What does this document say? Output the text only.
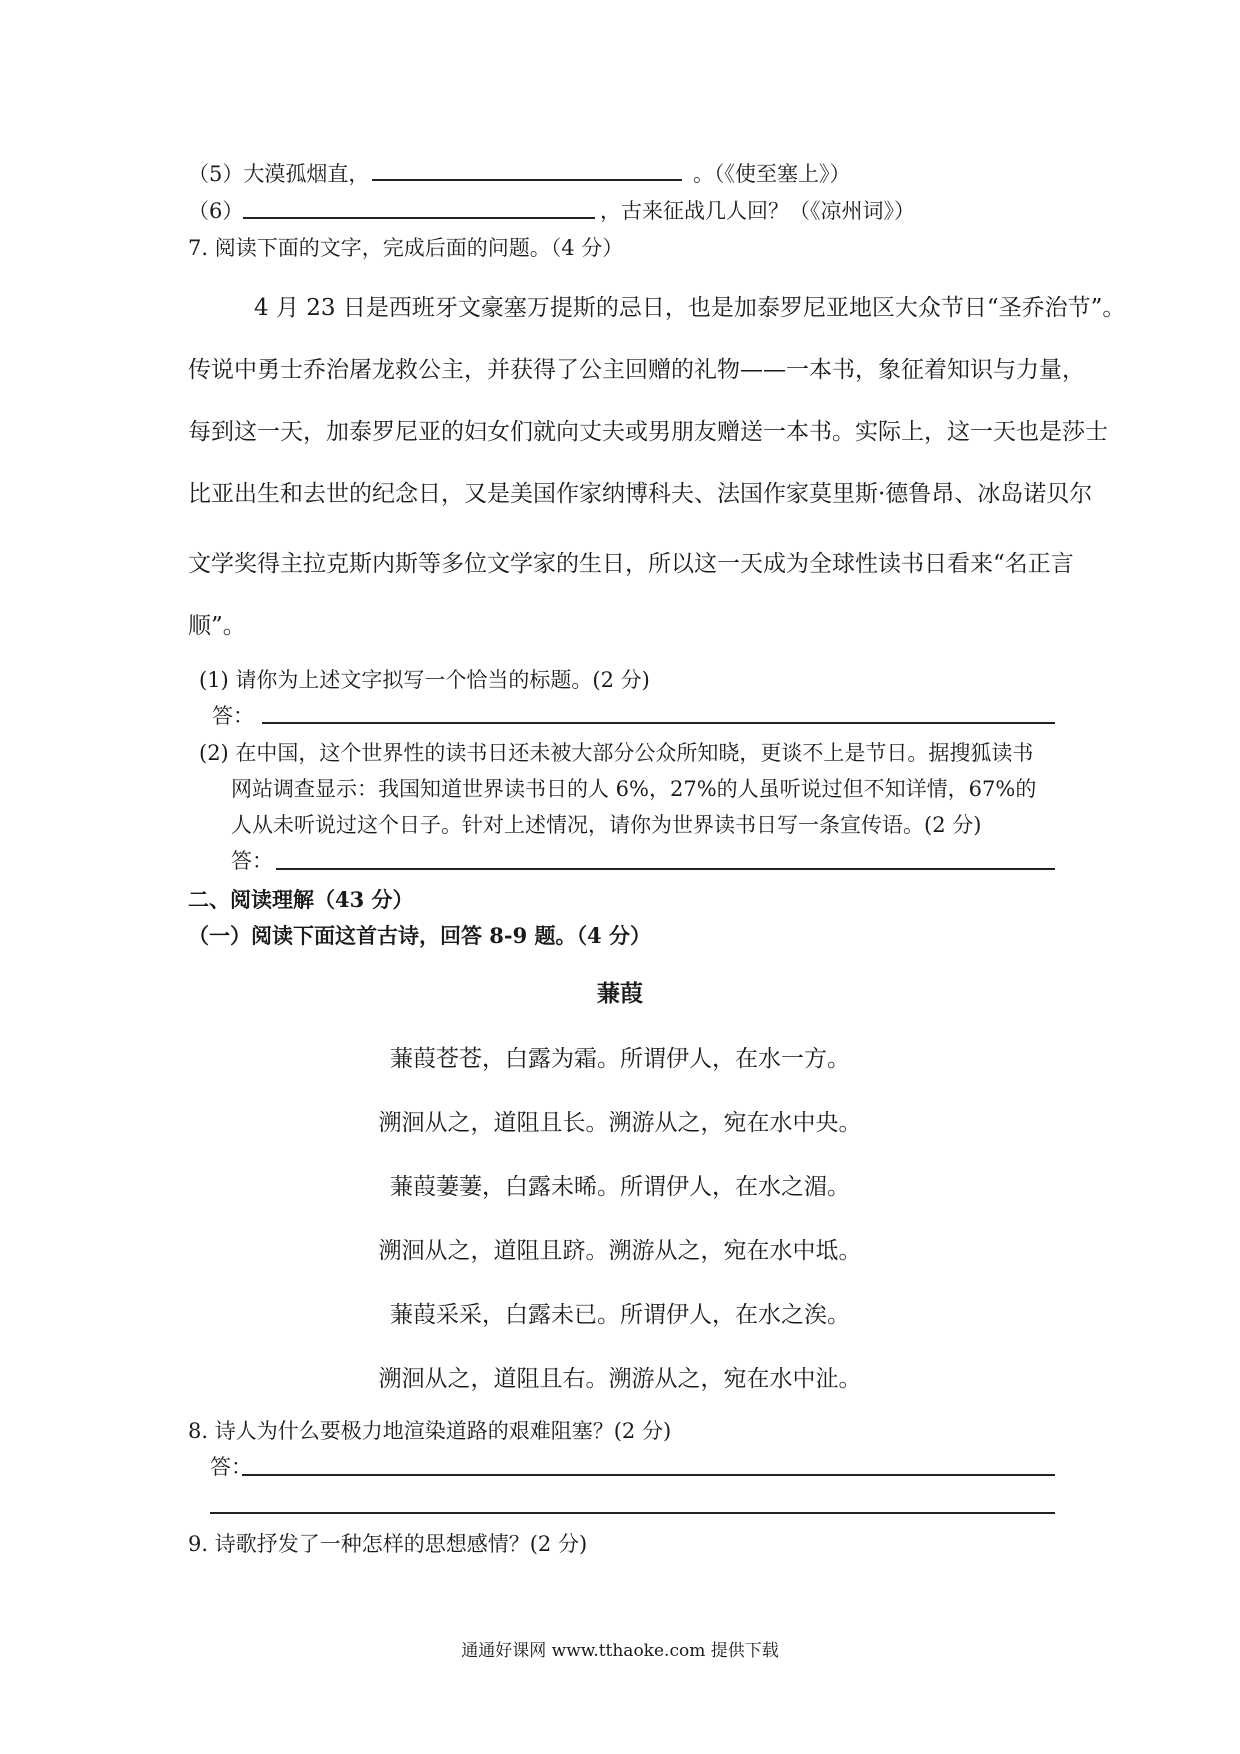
（5）大漠孤烟直，	。（《使至塞上》）
（6）	，古来征战几人回？（《凉州词》）
7. 阅读下面的文字，完成后面的问题。（4 分）
4 月 23 日是西班牙文豪塞万提斯的忌日，也是加泰罗尼亚地区大众节日“圣乔治节”。
传说中勇士乔治屠龙救公主，并获得了公主回赠的礼物——一本书，象征着知识与力量，
每到这一天，加泰罗尼亚的妇女们就向丈夫或男朋友赠送一本书。实际上，这一天也是莎士
比亚出生和去世的纪念日，又是美国作家纳博科夫、法国作家莫里斯·德鲁昂、冰岛诺贝尔
文学奖得主拉克斯内斯等多位文学家的生日，所以这一天成为全球性读书日看来“名正言
顺”。
(1) 请你为上述文字拟写一个恰当的标题。(2 分)
答：
(2) 在中国，这个世界性的读书日还未被大部分公众所知晓，更谈不上是节日。据搜狐读书
网站调查显示：我国知道世界读书日的人 6%，27%的人虽听说过但不知详情，67%的
人从未听说过这个日子。针对上述情况，请你为世界读书日写一条宣传语。(2 分)
答：
二、阅读理解（43 分）
（一）阅读下面这首古诗，回答 8-9 题。（4 分）
蒹葭
蒹葭苍苍，白露为霜。所谓伊人，在水一方。
溯洄从之，道阻且长。溯游从之，宛在水中央。
蒹葭萋萋，白露未晞。所谓伊人，在水之湄。
溯洄从之，道阻且跻。溯游从之，宛在水中坻。
蒹葭采采，白露未已。所谓伊人，在水之涘。
溯洄从之，道阻且右。溯游从之，宛在水中沚。
8. 诗人为什么要极力地渲染道路的艰难阻塞？(2 分)
答：
9. 诗歌抒发了一种怎样的思想感情？(2 分)
通通好课网 www.tthaoke.com 提供下载
